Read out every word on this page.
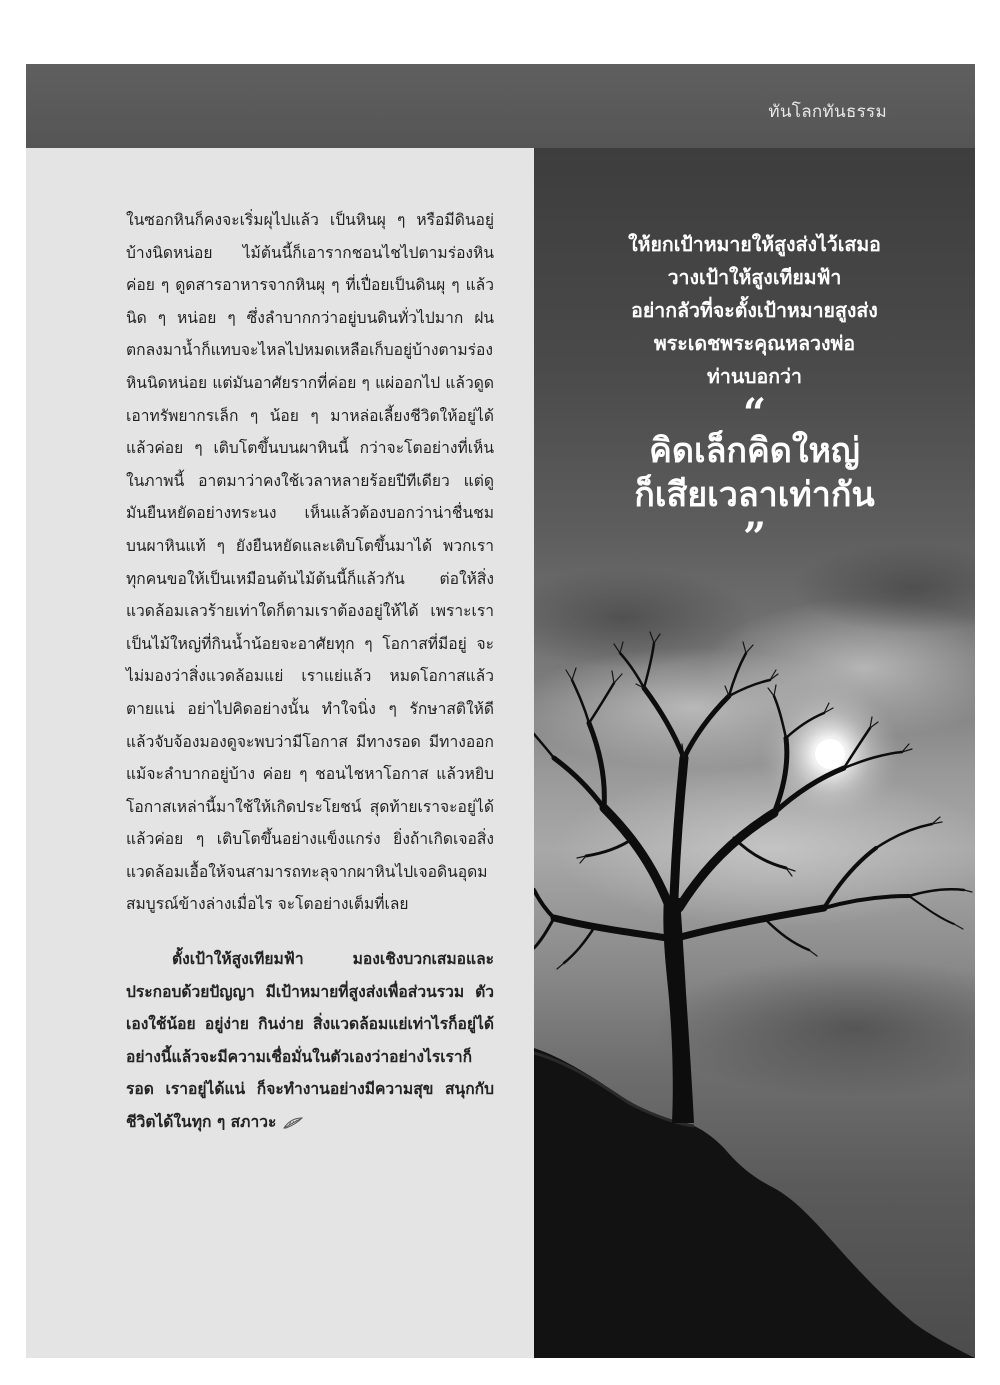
ทันโลกทันธรรม

ในซอกหินก็คงจะเริ่มผุไปแล้ว เป็นหินผุ ๆ หรือมีดินอยู่บ้างนิดหน่อย ไม้ต้นนี้ก็เอารากชอนไชไปตามร่องหิน ค่อย ๆ ดูดสารอาหารจากหินผุ ๆ ที่เปื่อยเป็นดินผุ ๆ แล้วนิด ๆ หน่อย ๆ ซึ่งลำบากกว่าอยู่บนดินทั่วไปมาก ฝนตกลงมาน้ำก็แทบจะไหลไปหมดเหลือเก็บอยู่บ้างตามร่องหินนิดหน่อย แต่มันอาศัยรากที่ค่อย ๆ แผ่ออกไป แล้วดูดเอาทรัพยากรเล็ก ๆ น้อย ๆ มาหล่อเลี้ยงชีวิตให้อยู่ได้ แล้วค่อย ๆ เติบโตขึ้นบนผาหินนี้ กว่าจะโตอย่างที่เห็นในภาพนี้ อาตมาว่าคงใช้เวลาหลายร้อยปีทีเดียว แต่ดูมันยืนหยัดอย่างทระนง เห็นแล้วต้องบอกว่าน่าชื่นชม บนผาหินแท้ ๆ ยังยืนหยัดและเติบโตขึ้นมาได้ พวกเราทุกคนขอให้เป็นเหมือนต้นไม้ต้นนี้ก็แล้วกัน ต่อให้สิ่งแวดล้อมเลวร้ายเท่าใดก็ตามเราต้องอยู่ให้ได้ เพราะเราเป็นไม้ใหญ่ที่กินน้ำน้อยจะอาศัยทุก ๆ โอกาสที่มีอยู่ จะไม่มองว่าสิ่งแวดล้อมแย่ เราแย่แล้ว หมดโอกาสแล้ว ตายแน่ อย่าไปคิดอย่างนั้น ทำใจนิ่ง ๆ รักษาสติให้ดี แล้วจับจ้องมองดูจะพบว่ามีโอกาส มีทางรอด มีทางออก แม้จะลำบากอยู่บ้าง ค่อย ๆ ชอนไชหาโอกาส แล้วหยิบโอกาสเหล่านี้มาใช้ให้เกิดประโยชน์ สุดท้ายเราจะอยู่ได้ แล้วค่อย ๆ เติบโตขึ้นอย่างแข็งแกร่ง ยิ่งถ้าเกิดเจอสิ่งแวดล้อมเอื้อให้จนสามารถทะลุจากผาหินไปเจอดินอุดมสมบูรณ์ข้างล่างเมื่อไร จะโตอย่างเต็มที่เลย

ตั้งเป้าให้สูงเทียมฟ้า มองเชิงบวกเสมอและประกอบด้วยปัญญา มีเป้าหมายที่สูงส่งเพื่อส่วนรวม ตัวเองใช้น้อย อยู่ง่าย กินง่าย สิ่งแวดล้อมแย่เท่าไรก็อยู่ได้ อย่างนี้แล้วจะมีความเชื่อมั่นในตัวเองว่าอย่างไรเราก็รอด เราอยู่ได้แน่ ก็จะทำงานอย่างมีความสุข สนุกกับชีวิตได้ในทุก ๆ สภาวะ

ให้ยกเป้าหมายให้สูงส่งไว้เสมอ

วางเป้าให้สูงเทียมฟ้า

อย่ากลัวที่จะตั้งเป้าหมายสูงส่ง

พระเดชพระคุณหลวงพ่อ

ท่านบอกว่า

“

คิดเล็กคิดใหญ่

ก็เสียเวลาเท่ากัน

”
